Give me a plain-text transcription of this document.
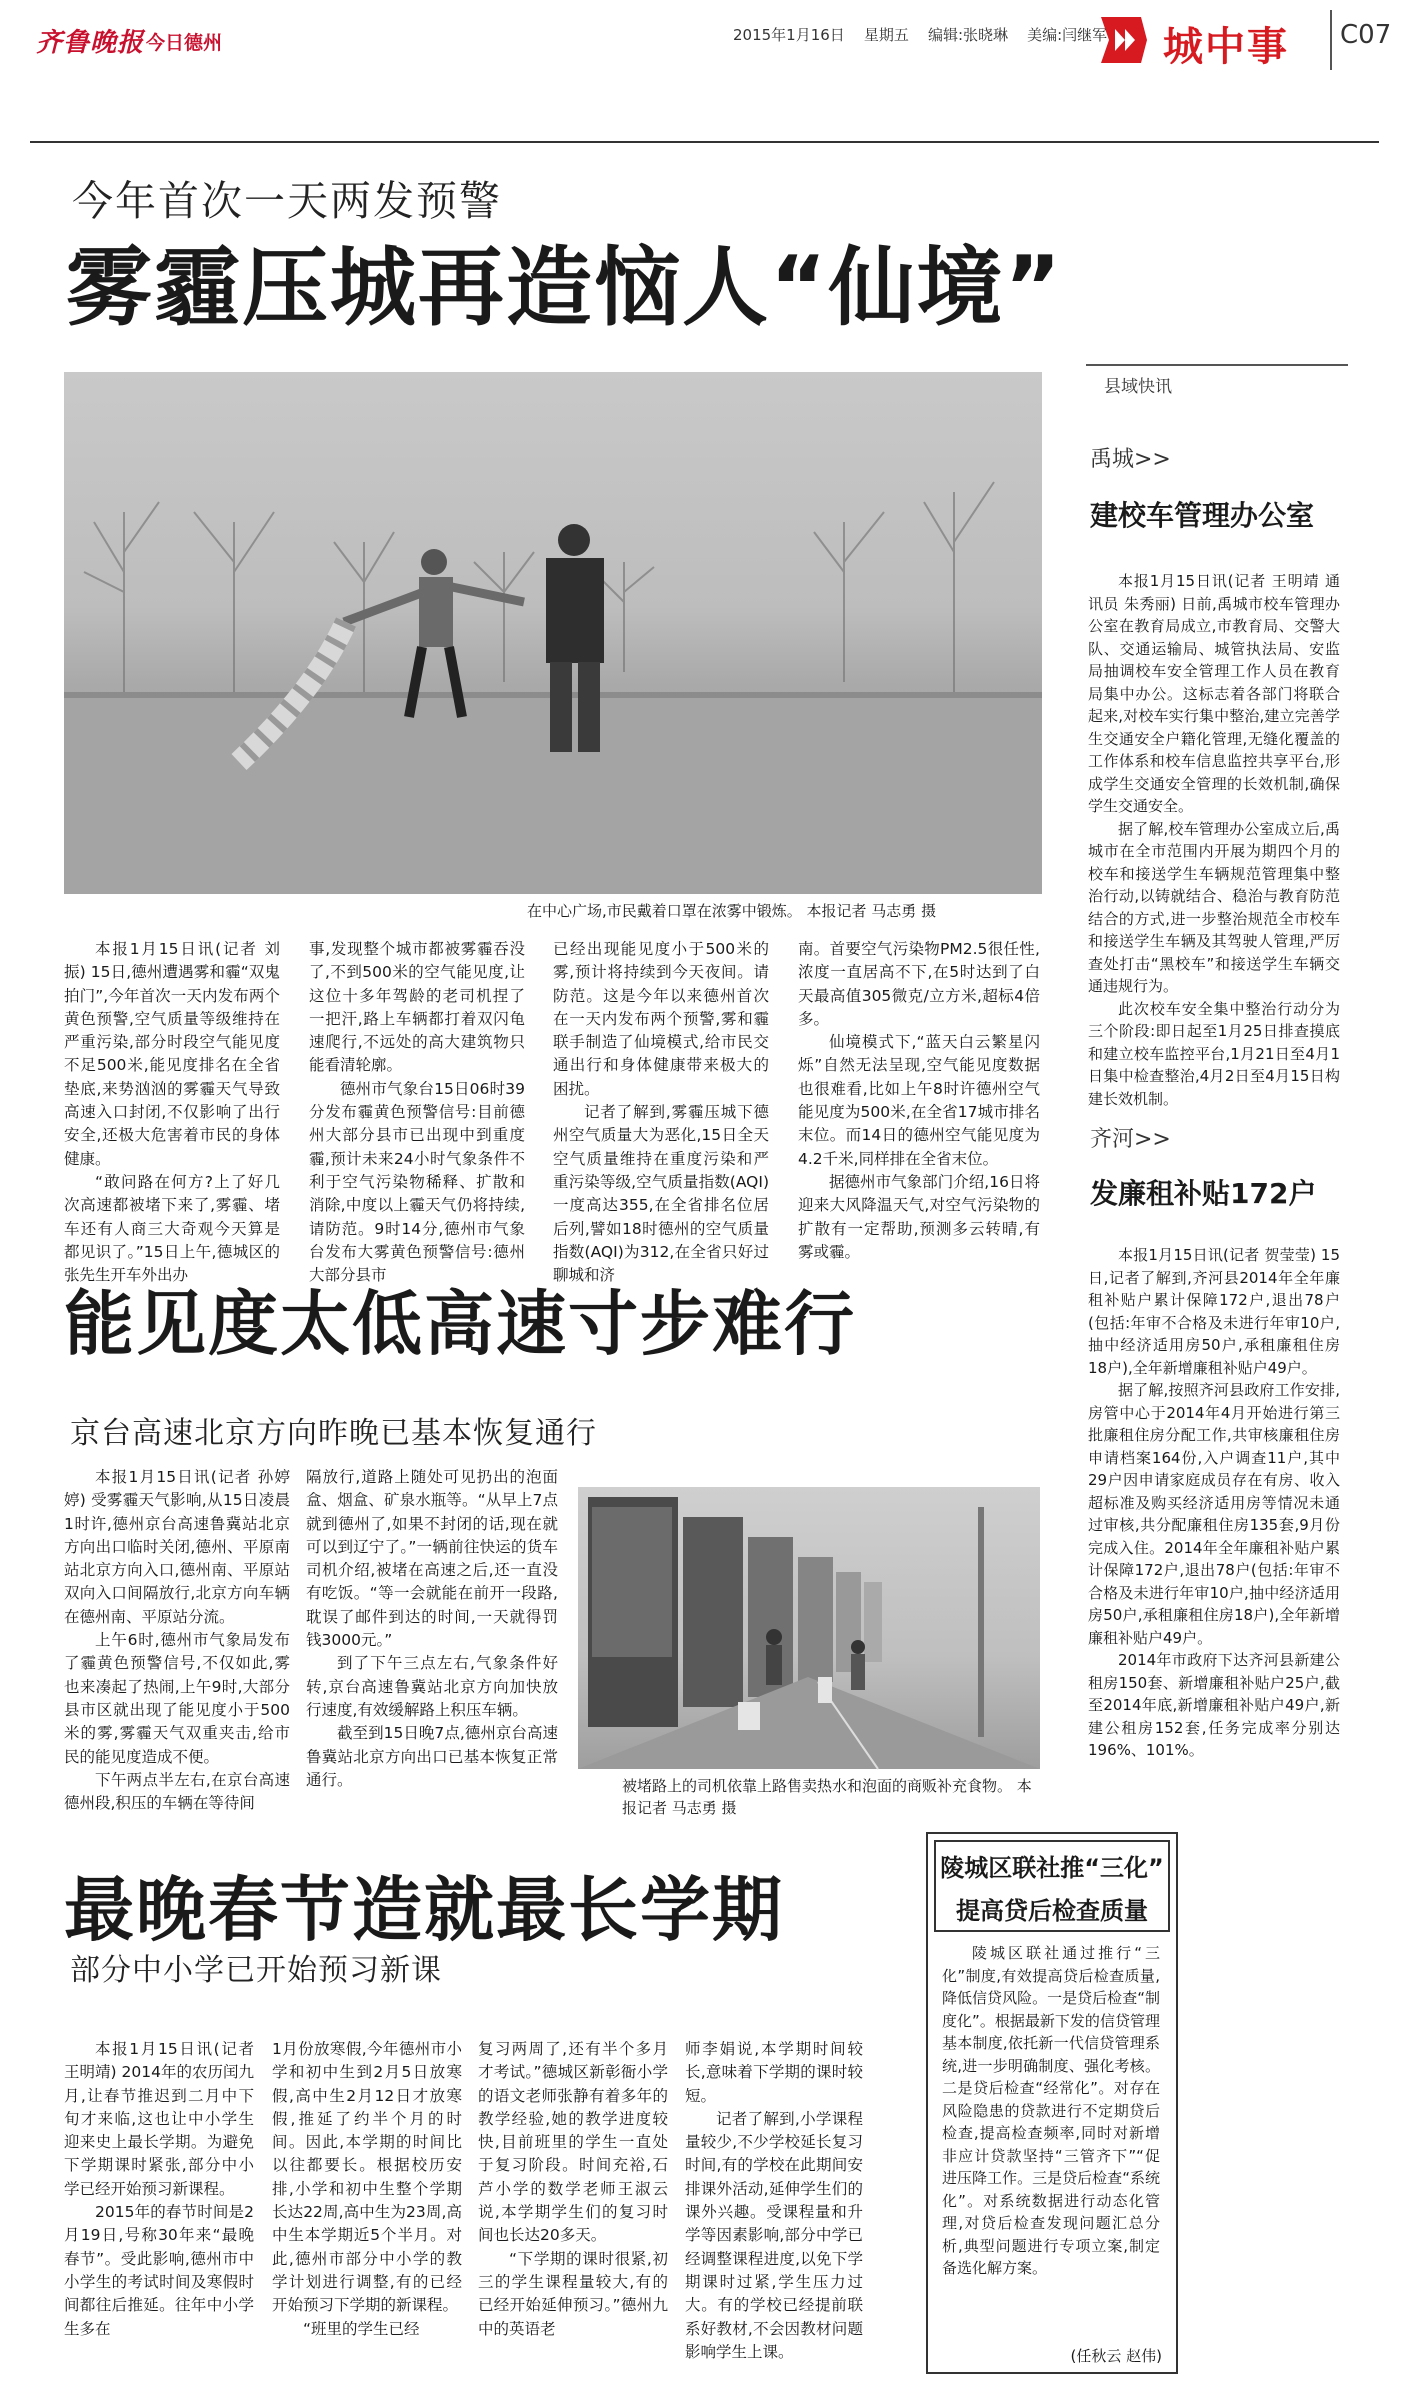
齐鲁晚报 今日德州	2015年1月16日 星期五 编辑:张晓琳 美编:闫继军 城中事 C07
今年首次一天两发预警
雾霾压城再造恼人“仙境”
在中心广场,市民戴着口罩在浓雾中锻炼。 本报记者 马志勇 摄

本报1月15日讯(记者 刘振) 15日,德州遭遇雾和霾“双鬼拍门”,今年首次一天内发布两个黄色预警,空气质量等级维持在严重污染,部分时段空气能见度不足500米,能见度排名在全省垫底,来势汹汹的雾霾天气导致高速入口封闭,不仅影响了出行安全,还极大危害着市民的身体健康。

“敢问路在何方?上了好几次高速都被堵下来了,雾霾、堵车还有人商三大奇观今天算是都见识了。”15日上午,德城区的张先生开车外出办

事,发现整个城市都被雾霾吞没了,不到500米的空气能见度,让这位十多年驾龄的老司机捏了一把汗,路上车辆都打着双闪龟速爬行,不远处的高大建筑物只能看清轮廓。

德州市气象台15日06时39分发布霾黄色预警信号:目前德州大部分县市已出现中到重度霾,预计未来24小时气象条件不利于空气污染物稀释、扩散和消除,中度以上霾天气仍将持续,请防范。9时14分,德州市气象台发布大雾黄色预警信号:德州大部分县市

已经出现能见度小于500米的雾,预计将持续到今天夜间。请防范。这是今年以来德州首次在一天内发布两个预警,雾和霾联手制造了仙境模式,给市民交通出行和身体健康带来极大的困扰。

记者了解到,雾霾压城下德州空气质量大为恶化,15日全天空气质量维持在重度污染和严重污染等级,空气质量指数(AQI)一度高达355,在全省排名位居后列,譬如18时德州的空气质量指数(AQI)为312,在全省只好过聊城和济

南。首要空气污染物PM2.5很任性,浓度一直居高不下,在5时达到了白天最高值305微克/立方米,超标4倍多。

仙境模式下,“蓝天白云繁星闪烁”自然无法呈现,空气能见度数据也很难看,比如上午8时许德州空气能见度为500米,在全省17城市排名末位。而14日的德州空气能见度为4.2千米,同样排在全省末位。

据德州市气象部门介绍,16日将迎来大风降温天气,对空气污染物的扩散有一定帮助,预测多云转晴,有雾或霾。

能见度太低高速寸步难行
京台高速北京方向昨晚已基本恢复通行

本报1月15日讯(记者 孙婷婷) 受雾霾天气影响,从15日凌晨1时许,德州京台高速鲁冀站北京方向出口临时关闭,德州、平原南站北京方向入口,德州南、平原站双向入口间隔放行,北京方向车辆在德州南、平原站分流。

上午6时,德州市气象局发布了霾黄色预警信号,不仅如此,雾也来凑起了热闹,上午9时,大部分县市区就出现了能见度小于500米的雾,雾霾天气双重夹击,给市民的能见度造成不便。

下午两点半左右,在京台高速德州段,积压的车辆在等待间

隔放行,道路上随处可见扔出的泡面盒、烟盒、矿泉水瓶等。“从早上7点就到德州了,如果不封闭的话,现在就可以到辽宁了。”一辆前往快运的货车司机介绍,被堵在高速之后,还一直没有吃饭。“等一会就能在前开一段路,耽误了邮件到达的时间,一天就得罚钱3000元。”

到了下午三点左右,气象条件好转,京台高速鲁冀站北京方向加快放行速度,有效缓解路上积压车辆。

截至到15日晚7点,德州京台高速鲁冀站北京方向出口已基本恢复正常通行。	被堵路上的司机依靠上路售卖热水和泡面的商贩补充食物。 本报记者 马志勇 摄
最晚春节造就最长学期
部分中小学已开始预习新课

本报1月15日讯(记者 王明靖) 2014年的农历闰九月,让春节推迟到二月中下旬才来临,这也让中小学生迎来史上最长学期。为避免下学期课时紧张,部分中小学已经开始预习新课程。

2015年的春节时间是2月19日,号称30年来“最晚春节”。受此影响,德州市中小学生的考试时间及寒假时间都往后推延。往年中小学生多在

1月份放寒假,今年德州市小学和初中生到2月5日放寒假,高中生2月12日才放寒假,推延了约半个月的时间。因此,本学期的时间比以往都要长。根据校历安排,小学和初中生整个学期长达22周,高中生为23周,高中生本学期近5个半月。对此,德州市部分中小学的教学计划进行调整,有的已经开始预习下学期的新课程。

“班里的学生已经

复习两周了,还有半个多月才考试。”德城区新彰衙小学的语文老师张静有着多年的教学经验,她的教学进度较快,目前班里的学生一直处于复习阶段。时间充裕,石芦小学的数学老师王淑云说,本学期学生们的复习时间也长达20多天。

“下学期的课时很紧,初三的学生课程量较大,有的已经开始延伸预习。”德州九中的英语老

师李娟说,本学期时间较长,意味着下学期的课时较短。

记者了解到,小学课程量较少,不少学校延长复习时间,有的学校在此期间安排课外活动,延伸学生们的课外兴趣。受课程量和升学等因素影响,部分中学已经调整课程进度,以免下学期课时过紧,学生压力过大。有的学校已经提前联系好教材,不会因教材问题影响学生上课。

县域快讯
禹城>>
建校车管理办公室

本报1月15日讯(记者 王明靖 通讯员 朱秀丽) 日前,禹城市校车管理办公室在教育局成立,市教育局、交警大队、交通运输局、城管执法局、安监局抽调校车安全管理工作人员在教育局集中办公。这标志着各部门将联合起来,对校车实行集中整治,建立完善学生交通安全户籍化管理,无缝化覆盖的工作体系和校车信息监控共享平台,形成学生交通安全管理的长效机制,确保学生交通安全。

据了解,校车管理办公室成立后,禹城市在全市范围内开展为期四个月的校车和接送学生车辆规范管理集中整治行动,以铸就结合、稳治与教育防范结合的方式,进一步整治规范全市校车和接送学生车辆及其驾驶人管理,严厉查处打击“黑校车”和接送学生车辆交通违规行为。

此次校车安全集中整治行动分为三个阶段:即日起至1月25日排查摸底和建立校车监控平台,1月21日至4月1日集中检查整治,4月2日至4月15日构建长效机制。

齐河>>
发廉租补贴172户

本报1月15日讯(记者 贺莹莹) 15日,记者了解到,齐河县2014年全年廉租补贴户累计保障172户,退出78户(包括:年审不合格及未进行年审10户,抽中经济适用房50户,承租廉租住房18户),全年新增廉租补贴户49户。

据了解,按照齐河县政府工作安排,房管中心于2014年4月开始进行第三批廉租住房分配工作,共审核廉租住房申请档案164份,入户调查11户,其中29户因申请家庭成员存在有房、收入超标准及购买经济适用房等情况未通过审核,共分配廉租住房135套,9月份完成入住。2014年全年廉租补贴户累计保障172户,退出78户(包括:年审不合格及未进行年审10户,抽中经济适用房50户,承租廉租住房18户),全年新增廉租补贴户49户。

2014年市政府下达齐河县新建公租房150套、新增廉租补贴户25户,截至2014年底,新增廉租补贴户49户,新建公租房152套,任务完成率分别达196%、101%。

陵城区联社推“三化”
提高贷后检查质量

陵城区联社通过推行“三化”制度,有效提高贷后检查质量,降低信贷风险。一是贷后检查“制度化”。根据最新下发的信贷管理基本制度,依托新一代信贷管理系统,进一步明确制度、强化考核。二是贷后检查“经常化”。对存在风险隐患的贷款进行不定期贷后检查,提高检查频率,同时对新增非应计贷款坚持“三管齐下”“促进压降工作。三是贷后检查“系统化”。对系统数据进行动态化管理,对贷后检查发现问题汇总分析,典型问题进行专项立案,制定备选化解方案。

(任秋云 赵伟)
